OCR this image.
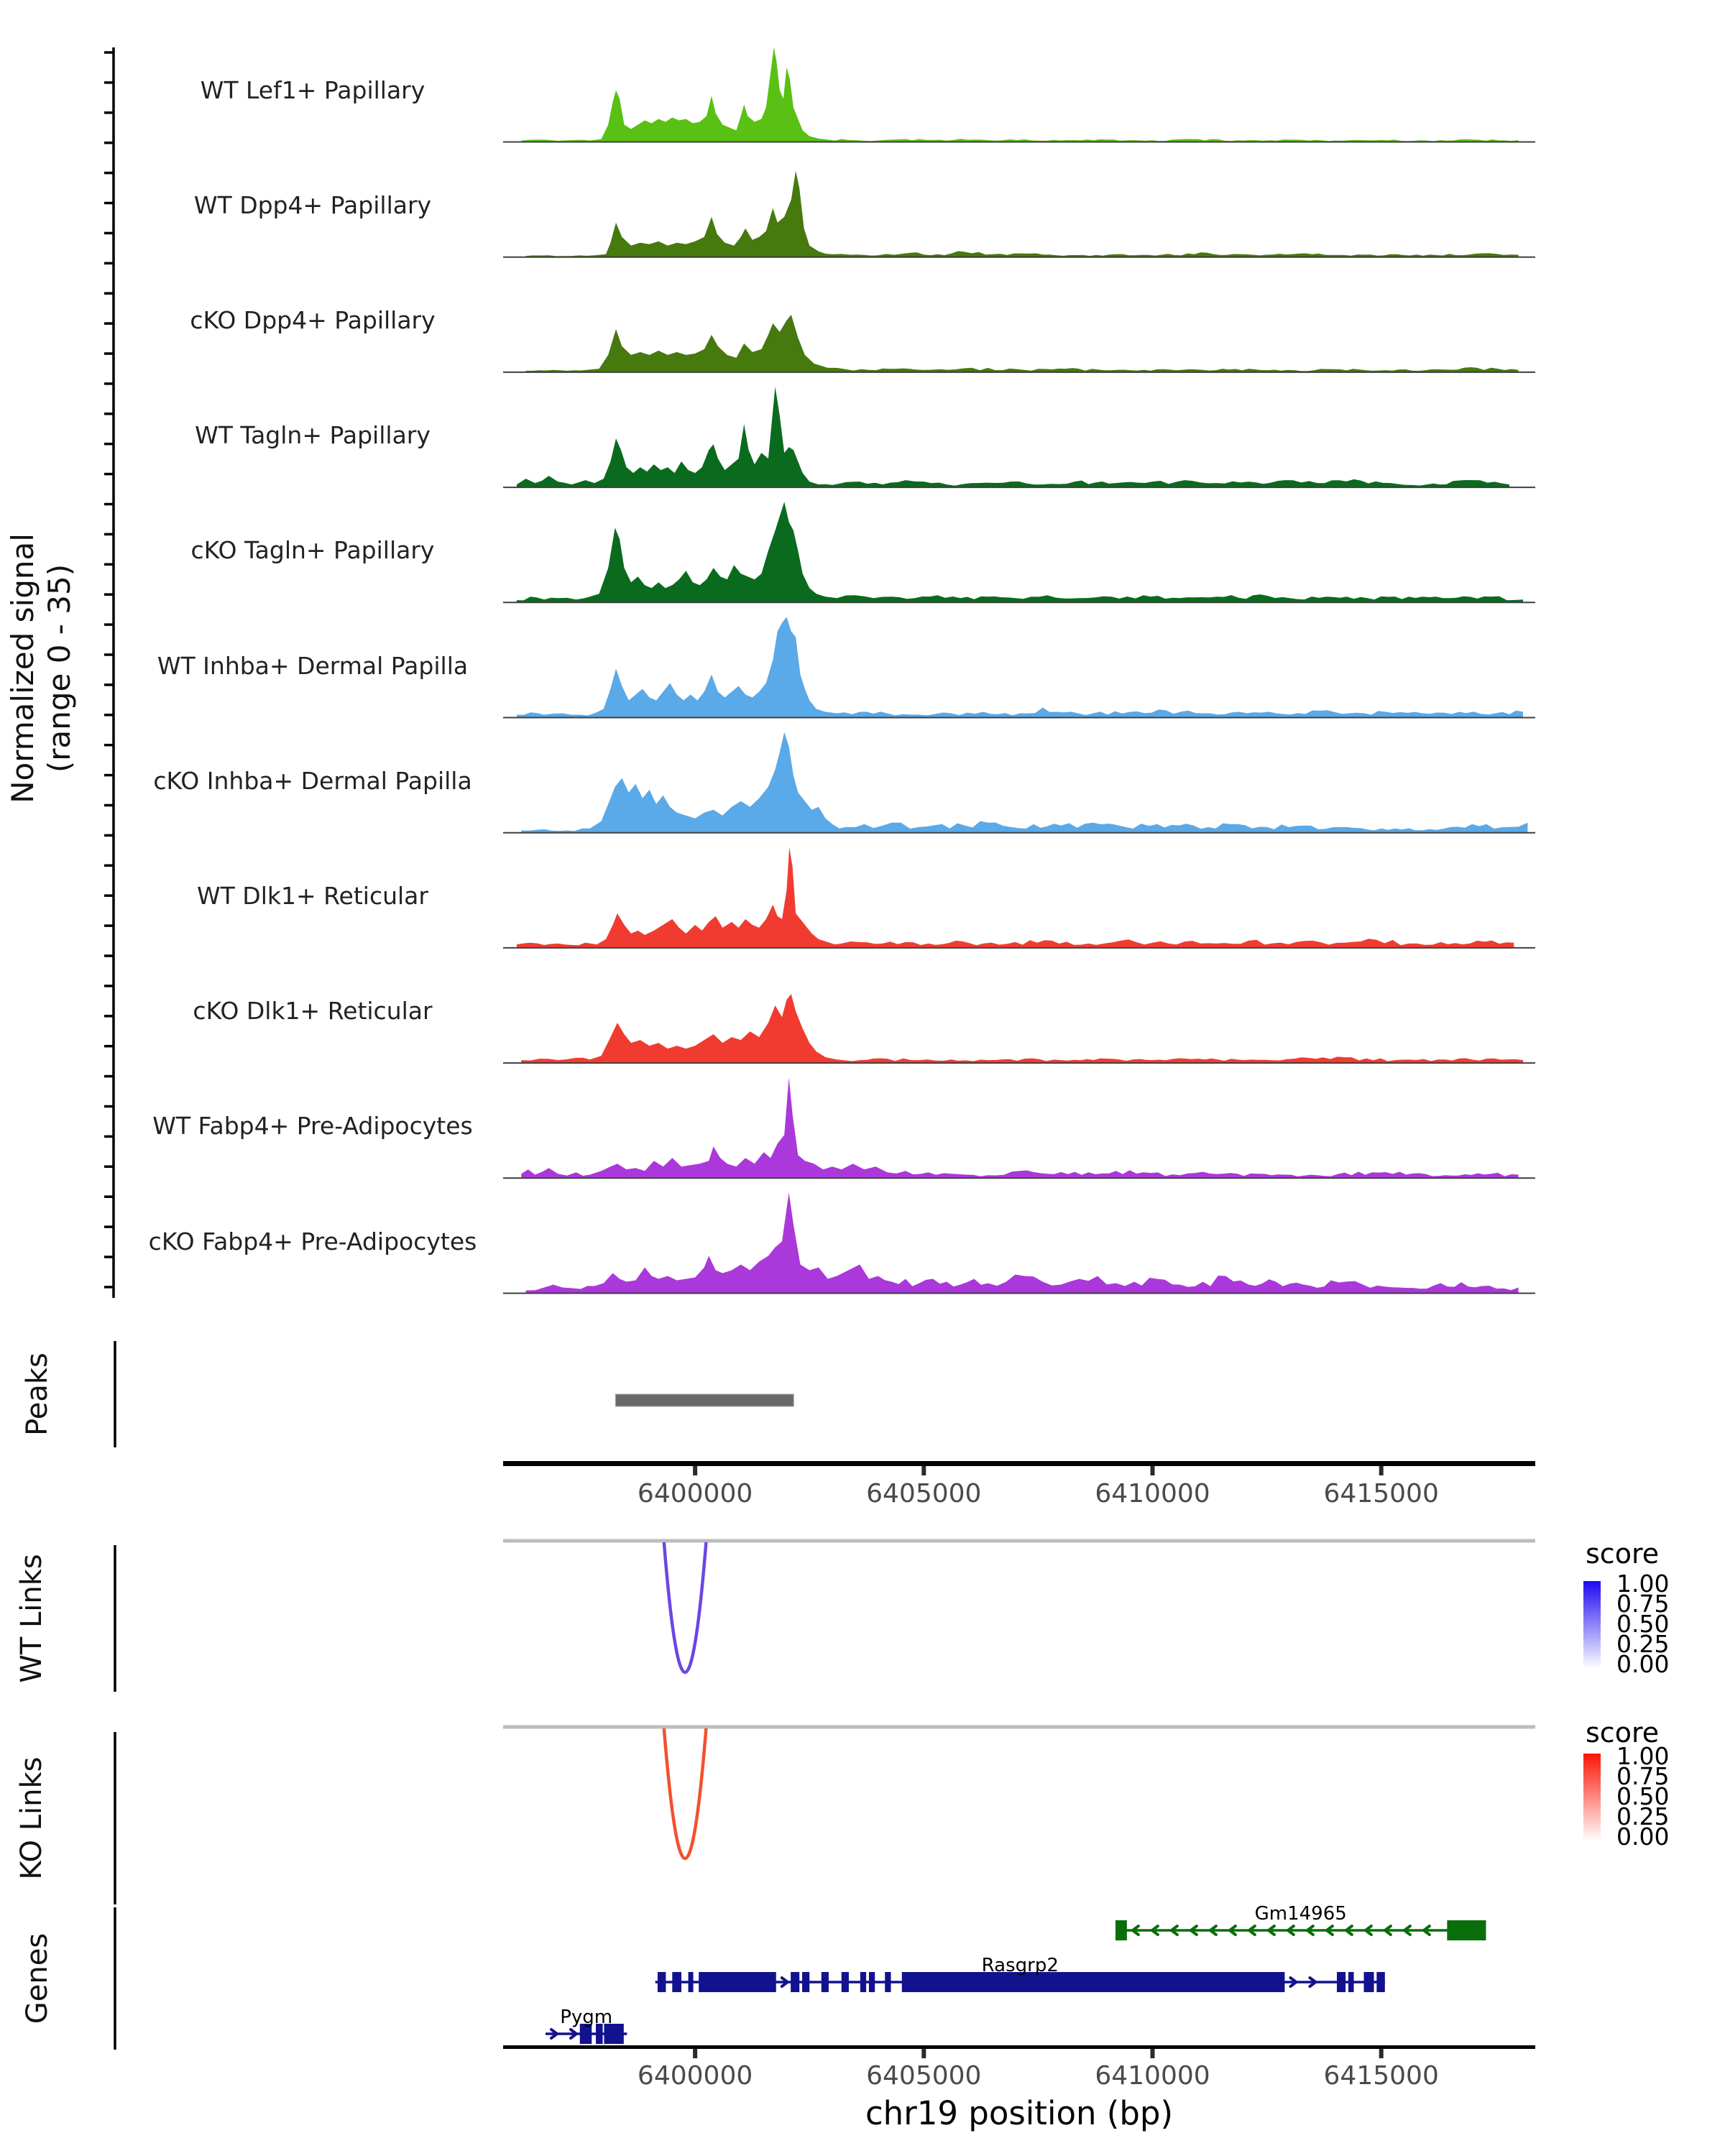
Normalized signal (range 0 - 35)
Peaks
WT Links
KO Links
Genes
score
score
chr19 position (bp)
WT Lef1+ Papillary
WT Dpp4+ Papillary
cKO Dpp4+ Papillary
WT Tagln+ Papillary
cKO Tagln+ Papillary
WT Inhba+ Dermal Papilla
cKO Inhba+ Dermal Papilla
WT Dlk1+ Reticular
cKO Dlk1+ Reticular
WT Fabp4+ Pre-Adipocytes
cKO Fabp4+ Pre-Adipocytes
6400000	6405000	6410000	6415000
6400000	6405000	6410000	6415000
1.00
0.75
0.50
0.25
0.00
1.00
0.75
0.50
0.25
0.00
Gm14965
Rasgrp2
Pygm
